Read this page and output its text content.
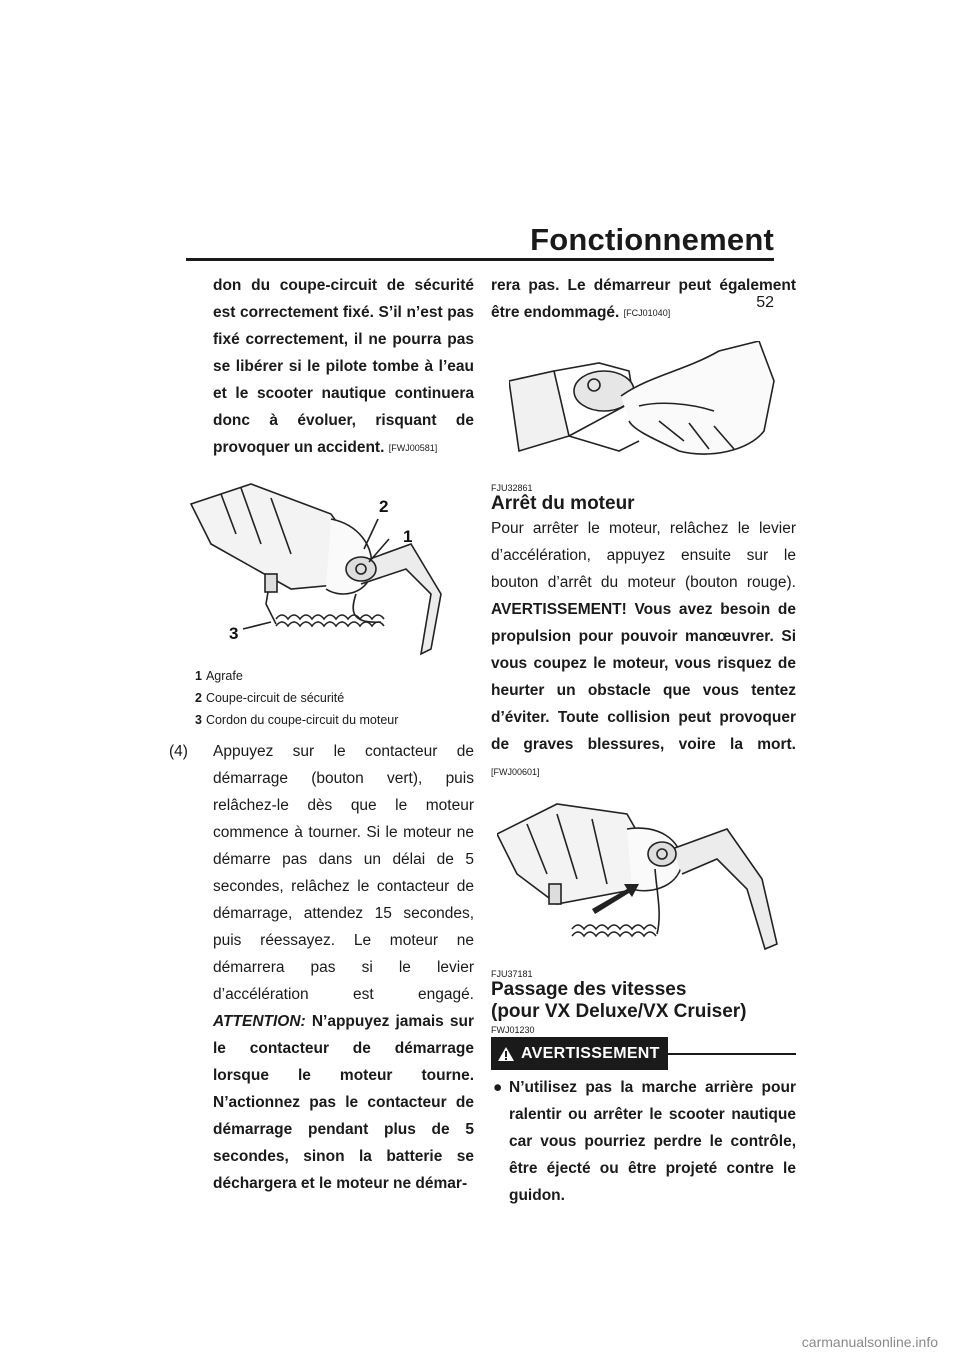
Fonctionnement
52

don du coupe-circuit de sécurité est correctement fixé. S’il n’est pas fixé correctement, il ne pourra pas se libérer si le pilote tombe à l’eau et le scooter nautique continuera donc à évoluer, risquant de provoquer un accident. [FWJ00581]

2
1
3
1 Agrafe
2 Coupe-circuit de sécurité
3 Cordon du coupe-circuit du moteur
(4)	Appuyez sur le contacteur de démarrage (bouton vert), puis relâchez-le dès que le moteur commence à tourner. Si le moteur ne démarre pas dans un délai de 5 secondes, relâchez le contacteur de démarrage, attendez 15 secondes, puis réessayez. Le moteur ne démarrera pas si le levier d’accélération est engagé. ATTENTION: N’appuyez jamais sur le contacteur de démarrage lorsque le moteur tourne. N’actionnez pas le contacteur de démarrage pendant plus de 5 secondes, sinon la batterie se déchargera et le moteur ne démar-

rera pas. Le démarreur peut également être endommagé. [FCJ01040]

FJU32861
Arrêt du moteur

Pour arrêter le moteur, relâchez le levier d’accélération, appuyez ensuite sur le bouton d’arrêt du moteur (bouton rouge). AVERTISSEMENT! Vous avez besoin de propulsion pour pouvoir manœuvrer. Si vous coupez le moteur, vous risquez de heurter un obstacle que vous tentez d’éviter. Toute collision peut provoquer de graves blessures, voire la mort. [FWJ00601]

FJU37181
Passage des vitesses
(pour VX Deluxe/VX Cruiser)
FWJ01230
AVERTISSEMENT
● N’utilisez pas la marche arrière pour ralentir ou arrêter le scooter nautique car vous pourriez perdre le contrôle, être éjecté ou être projeté contre le guidon.
carmanualsonline.info
